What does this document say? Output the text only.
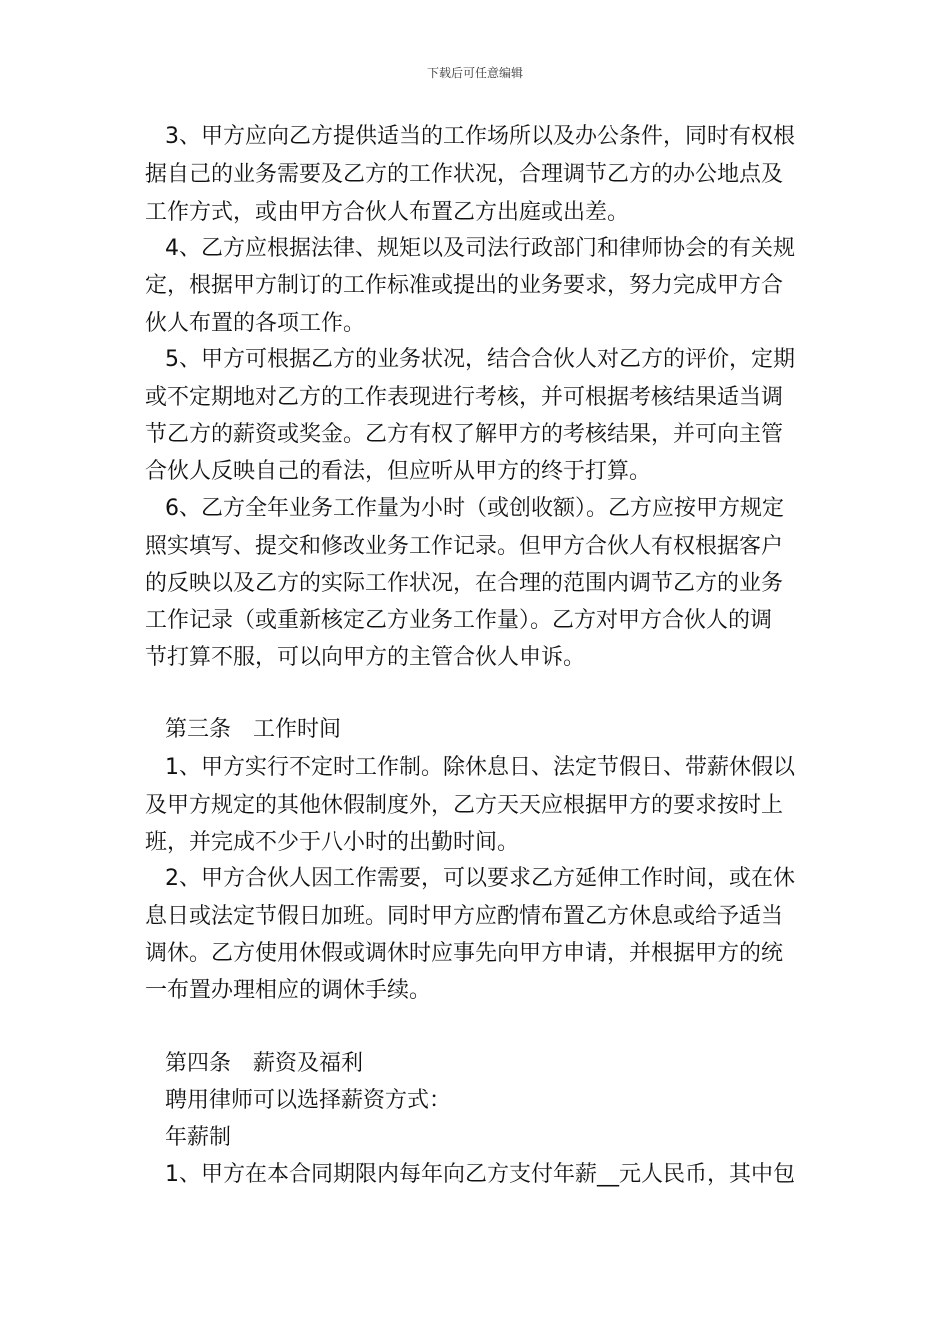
下载后可任意编辑
3、甲方应向乙方提供适当的工作场所以及办公条件，同时有权根
据自己的业务需要及乙方的工作状况，合理调节乙方的办公地点及
工作方式，或由甲方合伙人布置乙方出庭或出差。
4、乙方应根据法律、规矩以及司法行政部门和律师协会的有关规
定，根据甲方制订的工作标准或提出的业务要求，努力完成甲方合
伙人布置的各项工作。
5、甲方可根据乙方的业务状况，结合合伙人对乙方的评价，定期
或不定期地对乙方的工作表现进行考核，并可根据考核结果适当调
节乙方的薪资或奖金。乙方有权了解甲方的考核结果，并可向主管
合伙人反映自己的看法，但应听从甲方的终于打算。
6、乙方全年业务工作量为小时（或创收额）。乙方应按甲方规定
照实填写、提交和修改业务工作记录。但甲方合伙人有权根据客户
的反映以及乙方的实际工作状况，在合理的范围内调节乙方的业务
工作记录（或重新核定乙方业务工作量）。乙方对甲方合伙人的调
节打算不服，可以向甲方的主管合伙人申诉。
第三条　工作时间
1、甲方实行不定时工作制。除休息日、法定节假日、带薪休假以
及甲方规定的其他休假制度外，乙方天天应根据甲方的要求按时上
班，并完成不少于八小时的出勤时间。
2、甲方合伙人因工作需要，可以要求乙方延伸工作时间，或在休
息日或法定节假日加班。同时甲方应酌情布置乙方休息或给予适当
调休。乙方使用休假或调休时应事先向甲方申请，并根据甲方的统
一布置办理相应的调休手续。
第四条　薪资及福利
聘用律师可以选择薪资方式：
年薪制
1、甲方在本合同期限内每年向乙方支付年薪__元人民币，其中包
